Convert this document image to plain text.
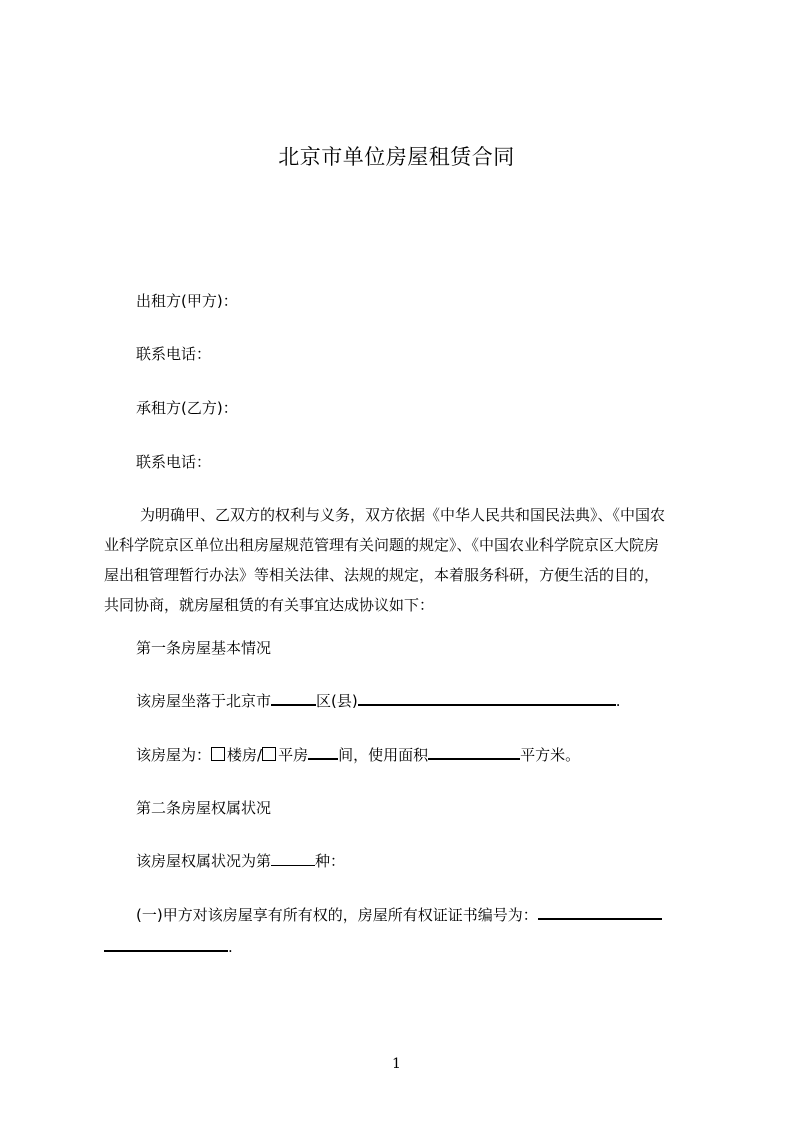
北京市单位房屋租赁合同
出租方(甲方)：
联系电话：
承租方(乙方)：
联系电话：
为明确甲、乙双方的权利与义务，双方依据《中华人民共和国民法典》、《中国农
业科学院京区单位出租房屋规范管理有关问题的规定》、《中国农业科学院京区大院房
屋出租管理暂行办法》等相关法律、法规的规定，本着服务科研，方便生活的目的，
共同协商，就房屋租赁的有关事宜达成协议如下：
第一条房屋基本情况
该房屋坐落于北京市	区(县)	.
该房屋为： 楼房/ 平房 间，使用面积	平方米。
第二条房屋权属状况
该房屋权属状况为第	种：
(一)甲方对该房屋享有所有权的，房屋所有权证证书编号为：
.
1
